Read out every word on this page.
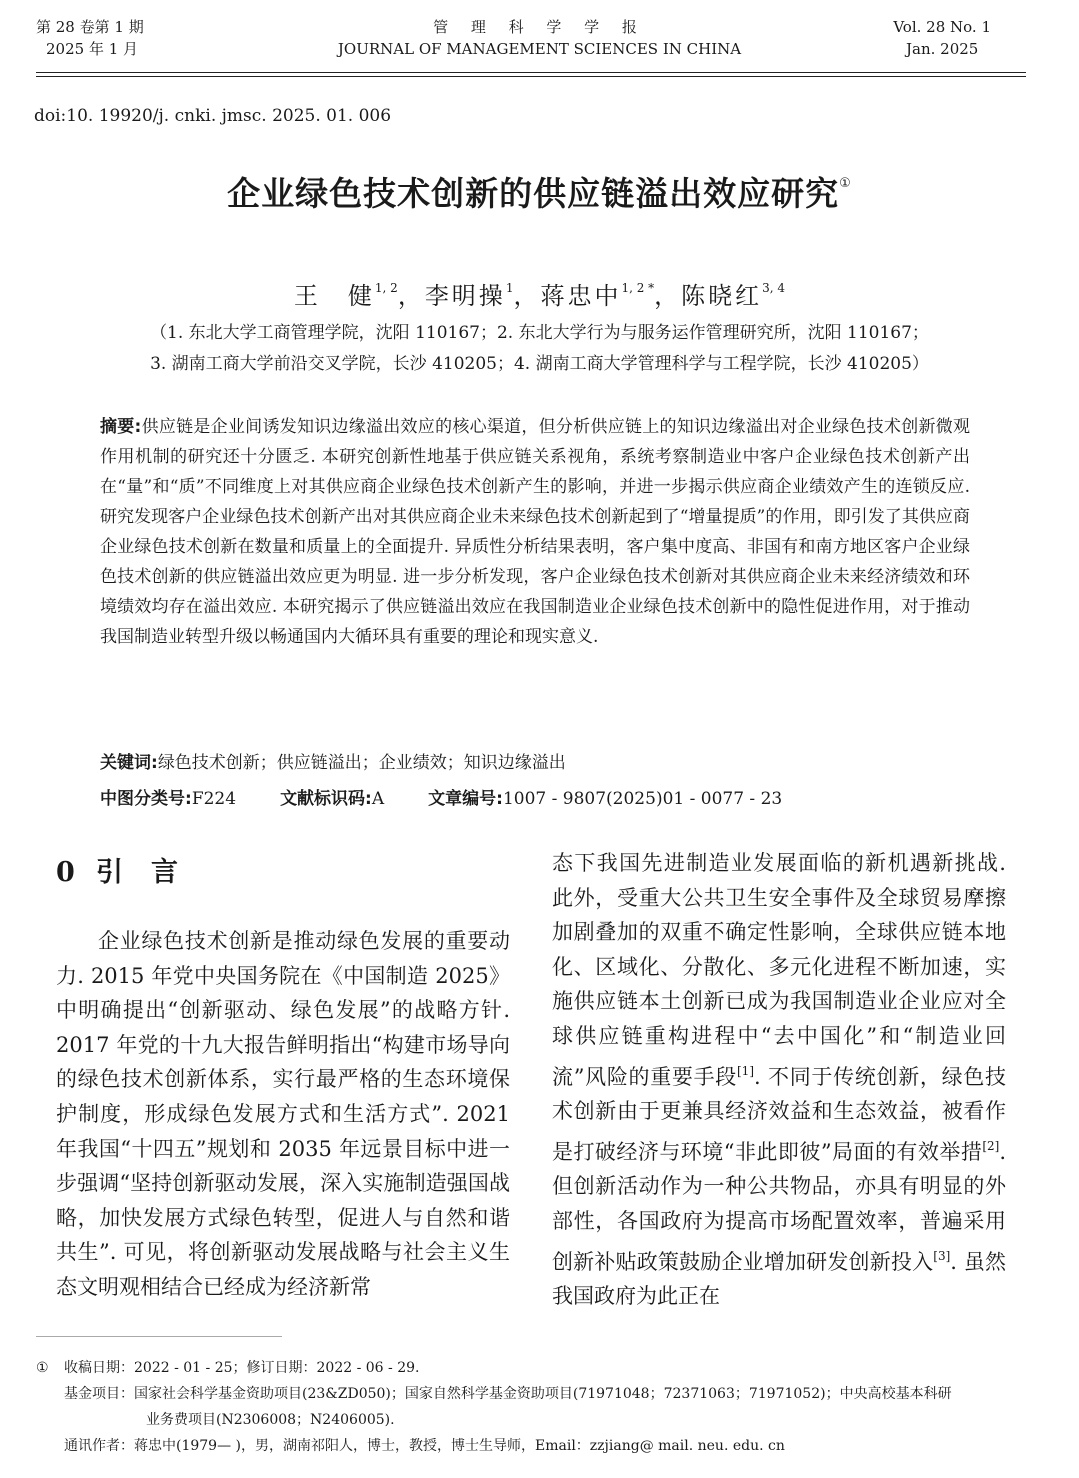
第 28 卷第 1 期
2025 年 1 月
管 理 科 学 学 报
JOURNAL OF MANAGEMENT SCIENCES IN CHINA
Vol. 28 No. 1
Jan. 2025
doi:10. 19920/j. cnki. jmsc. 2025. 01. 006
企业绿色技术创新的供应链溢出效应研究①
王　健$^{1, 2}$，李明操$^1$，蒋忠中$^{1, 2 *}$，陈晓红$^{3, 4}$
（1. 东北大学工商管理学院，沈阳 110167；2. 东北大学行为与服务运作管理研究所，沈阳 110167；
3. 湖南工商大学前沿交叉学院，长沙 410205；4. 湖南工商大学管理科学与工程学院，长沙 410205）
摘要:供应链是企业间诱发知识边缘溢出效应的核心渠道，但分析供应链上的知识边缘溢出对企业绿色技术创新微观作用机制的研究还十分匮乏. 本研究创新性地基于供应链关系视角，系统考察制造业中客户企业绿色技术创新产出在“量”和“质”不同维度上对其供应商企业绿色技术创新产生的影响，并进一步揭示供应商企业绩效产生的连锁反应. 研究发现客户企业绿色技术创新产出对其供应商企业未来绿色技术创新起到了“增量提质”的作用，即引发了其供应商企业绿色技术创新在数量和质量上的全面提升. 异质性分析结果表明，客户集中度高、非国有和南方地区客户企业绿色技术创新的供应链溢出效应更为明显. 进一步分析发现，客户企业绿色技术创新对其供应商企业未来经济绩效和环境绩效均存在溢出效应. 本研究揭示了供应链溢出效应在我国制造业企业绿色技术创新中的隐性促进作用，对于推动我国制造业转型升级以畅通国内大循环具有重要的理论和现实意义.
关键词:绿色技术创新；供应链溢出；企业绩效；知识边缘溢出
中图分类号:F224	文献标识码:A	文章编号:1007 - 9807(2025)01 - 0077 - 23
0 引言
企业绿色技术创新是推动绿色发展的重要动力. 2015 年党中央国务院在《中国制造 2025》中明确提出“创新驱动、绿色发展”的战略方针. 2017 年党的十九大报告鲜明指出“构建市场导向的绿色技术创新体系，实行最严格的生态环境保护制度，形成绿色发展方式和生活方式”. 2021 年我国“十四五”规划和 2035 年远景目标中进一步强调“坚持创新驱动发展，深入实施制造强国战略，加快发展方式绿色转型，促进人与自然和谐共生”. 可见，将创新驱动发展战略与社会主义生态文明观相结合已经成为经济新常
态下我国先进制造业发展面临的新机遇新挑战. 此外，受重大公共卫生安全事件及全球贸易摩擦加剧叠加的双重不确定性影响，全球供应链本地化、区域化、分散化、多元化进程不断加速，实施供应链本土创新已成为我国制造业企业应对全球供应链重构进程中“去中国化”和“制造业回流”风险的重要手段[1]. 不同于传统创新，绿色技术创新由于更兼具经济效益和生态效益，被看作是打破经济与环境“非此即彼”局面的有效举措[2]. 但创新活动作为一种公共物品，亦具有明显的外部性，各国政府为提高市场配置效率，普遍采用创新补贴政策鼓励企业增加研发创新投入[3]. 虽然我国政府为此正在
① 收稿日期：2022 - 01 - 25；修订日期：2022 - 06 - 29.
基金项目：国家社会科学基金资助项目(23&ZD050)；国家自然科学基金资助项目(71971048；72371063；71971052)；中央高校基本科研
业务费项目(N2306008；N2406005).
通讯作者：蒋忠中(1979— )，男，湖南祁阳人，博士，教授，博士生导师，Email：zzjiang@ mail. neu. edu. cn
